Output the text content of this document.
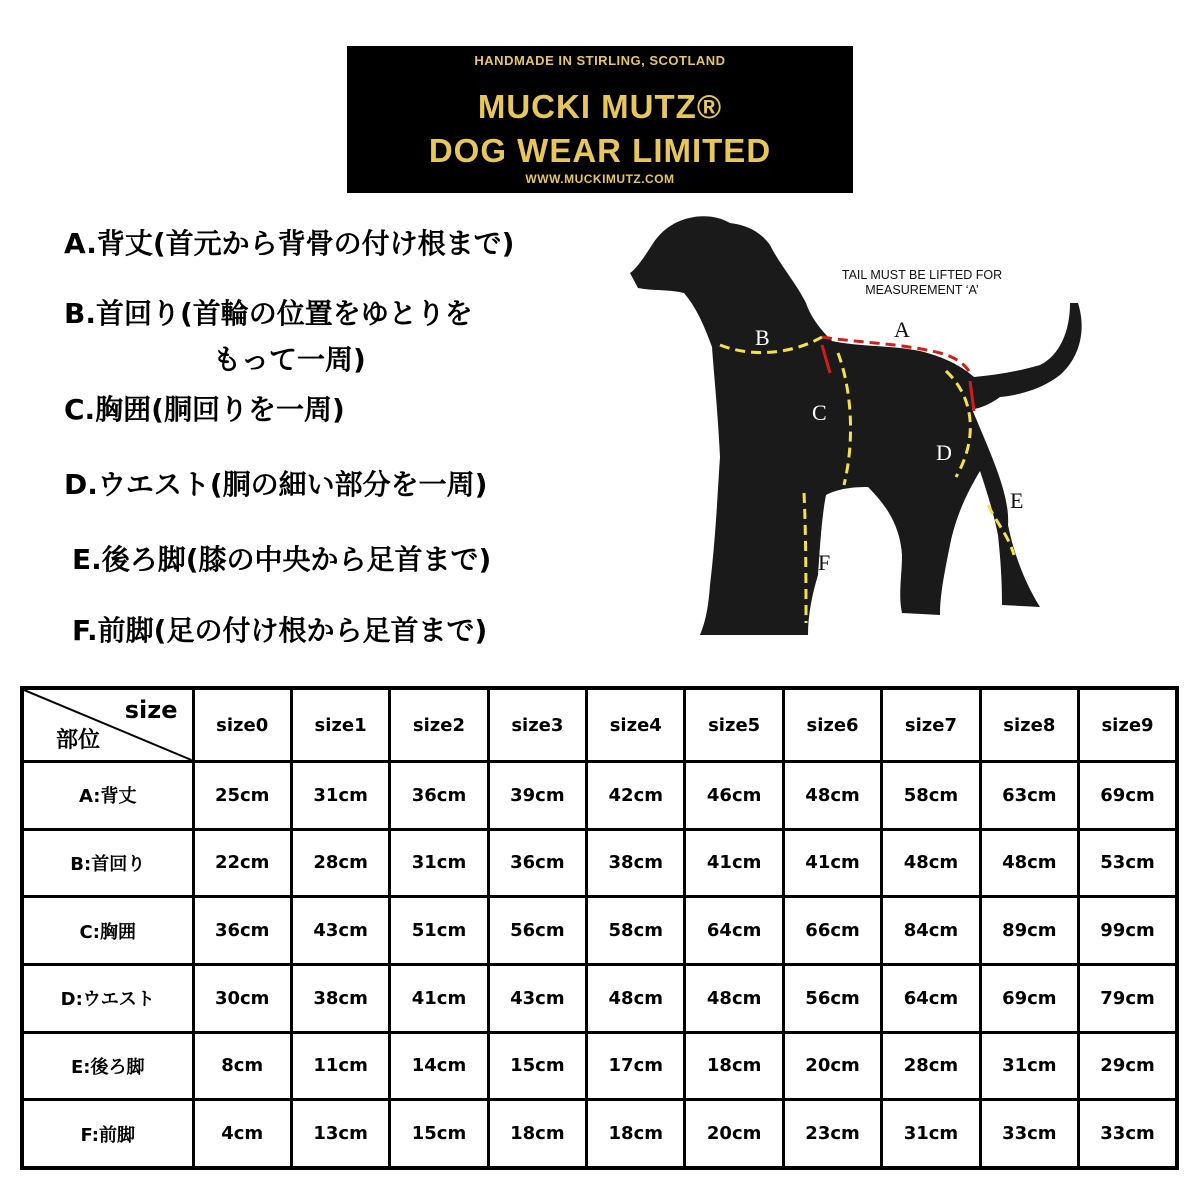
HANDMADE IN STIRLING, SCOTLAND
MUCKI MUTZ®
DOG WEAR LIMITED
WWW.MUCKIMUTZ.COM
A.背丈(首元から背骨の付け根まで)
B.首回り(首輪の位置をゆとりを
もって一周)
C.胸囲(胴回りを一周)
D.ウエスト(胴の細い部分を一周)
E.後ろ脚(膝の中央から足首まで)
F.前脚(足の付け根から足首まで)
A
B
C
D
E
F
TAIL MUST BE LIFTED FOR
MEASUREMENT ‘A’
size
部位	size0	size1	size2	size3	size4	size5	size6	size7	size8	size9
A:背丈	25cm	31cm	36cm	39cm	42cm	46cm	48cm	58cm	63cm	69cm
B:首回り	22cm	28cm	31cm	36cm	38cm	41cm	41cm	48cm	48cm	53cm
C:胸囲	36cm	43cm	51cm	56cm	58cm	64cm	66cm	84cm	89cm	99cm
D:ウエスト	30cm	38cm	41cm	43cm	48cm	48cm	56cm	64cm	69cm	79cm
E:後ろ脚	8cm	11cm	14cm	15cm	17cm	18cm	20cm	28cm	31cm	29cm
F:前脚	4cm	13cm	15cm	18cm	18cm	20cm	23cm	31cm	33cm	33cm
